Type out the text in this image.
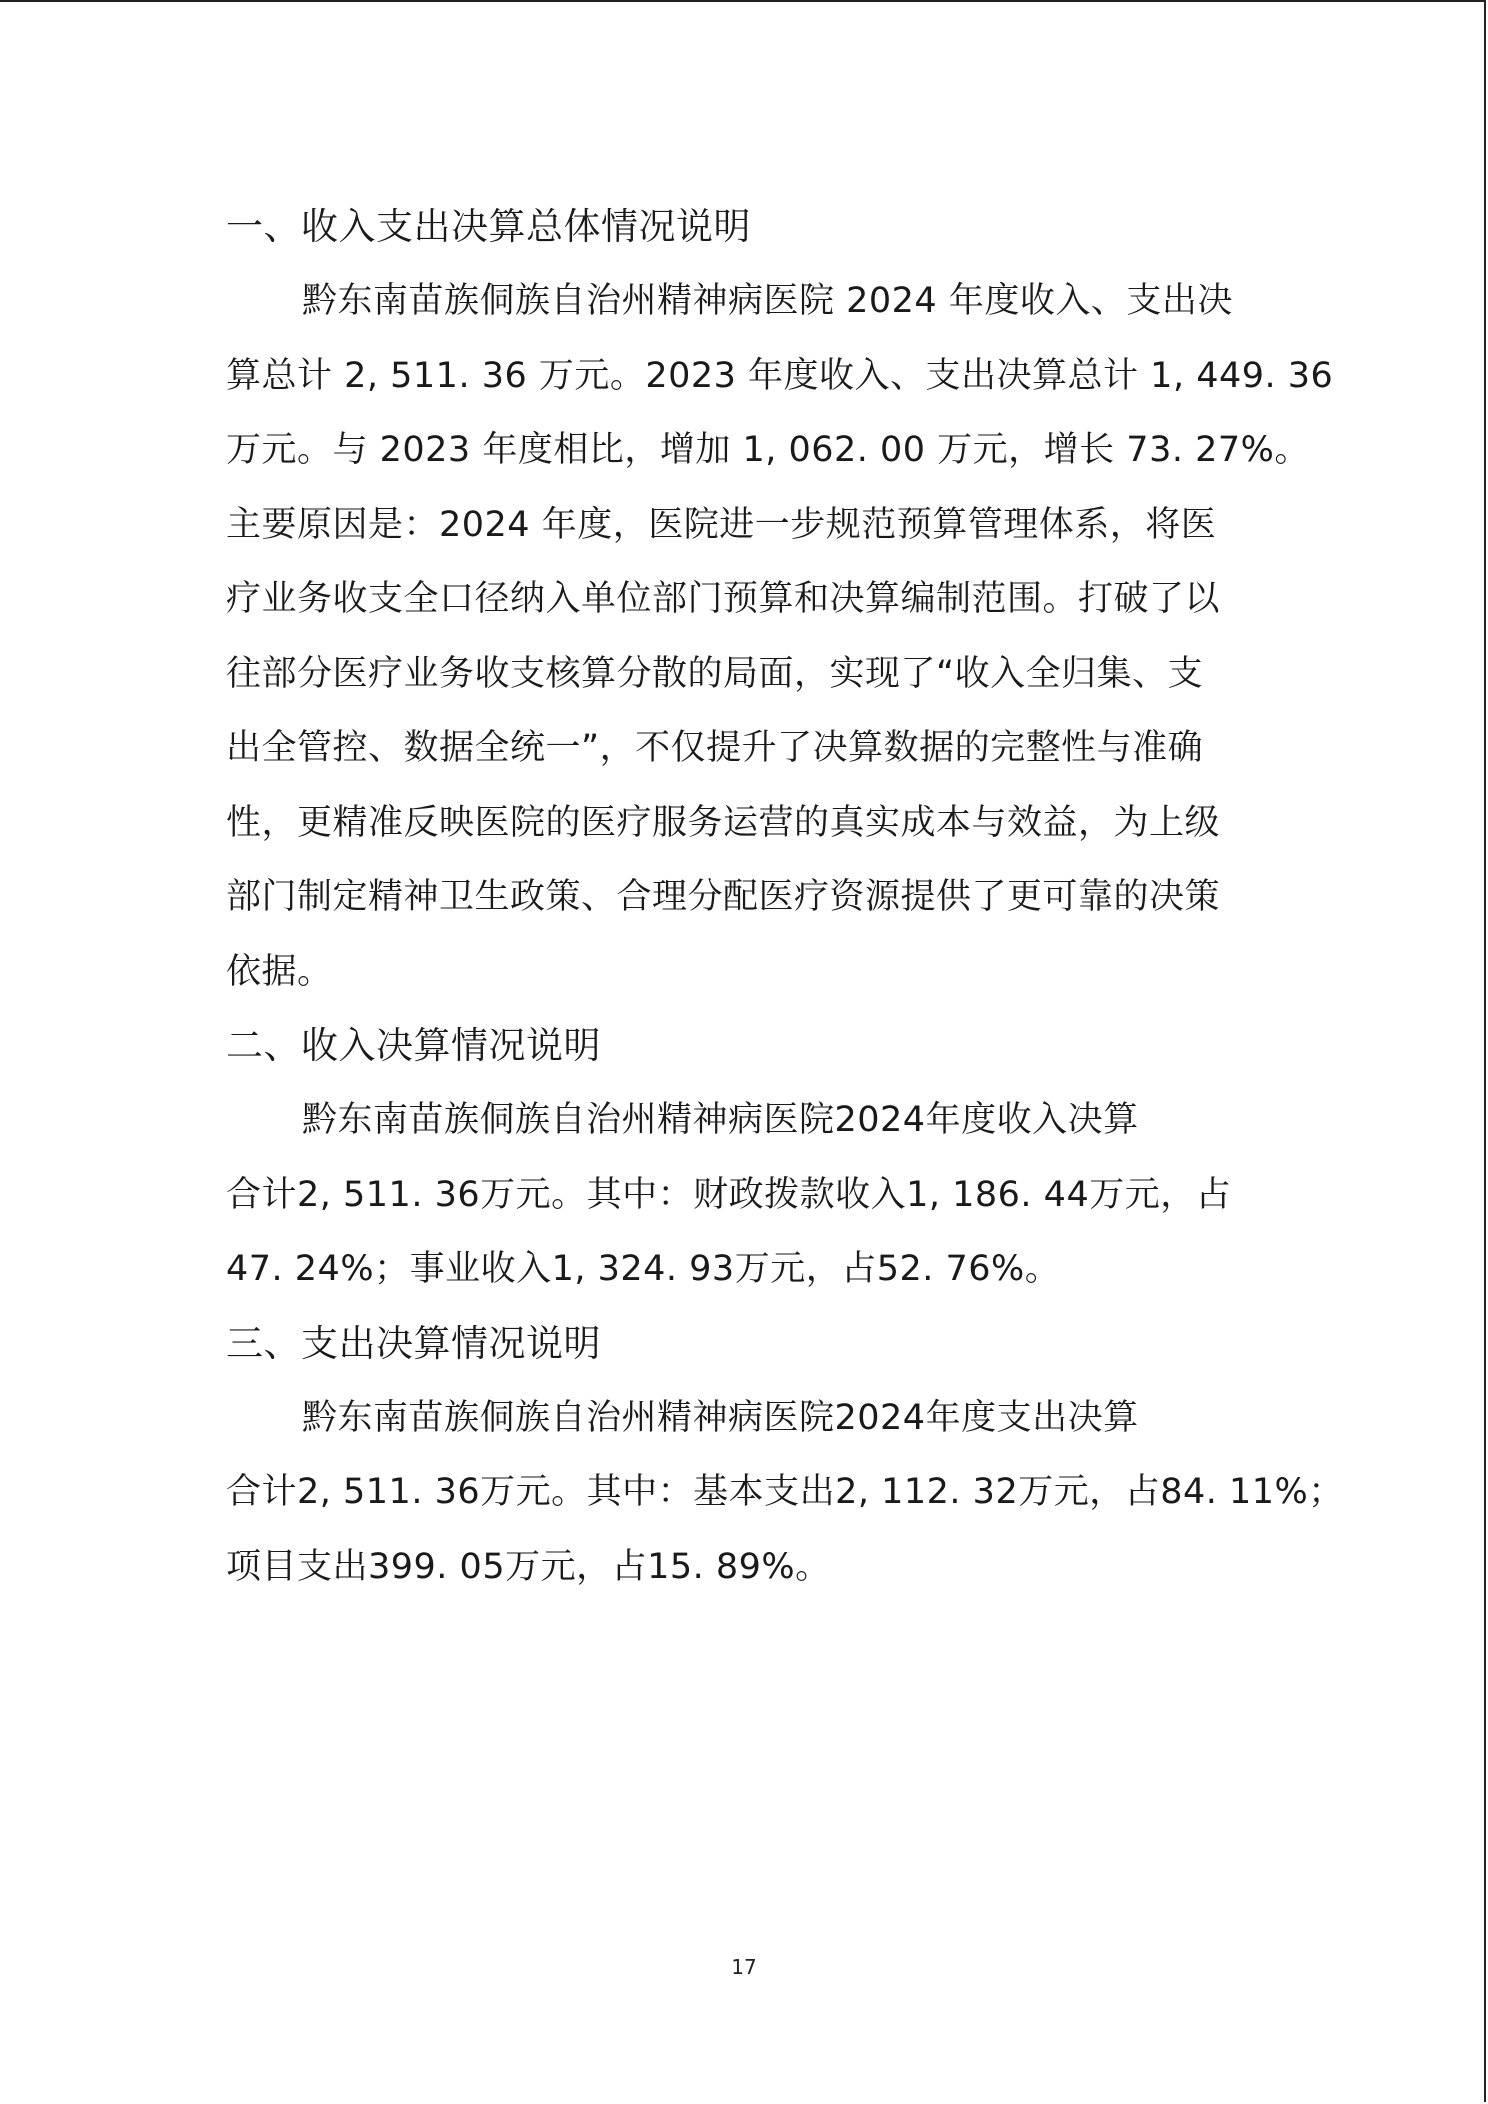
一、收入支出决算总体情况说明

黔东南苗族侗族自治州精神病医院 2024 年度收入、支出决
算总计 2, 511. 36 万元。2023 年度收入、支出决算总计 1, 449. 36
万元。与 2023 年度相比，增加 1, 062. 00 万元，增长 73. 27%。
主要原因是：2024 年度，医院进一步规范预算管理体系，将医
疗业务收支全口径纳入单位部门预算和决算编制范围。打破了以
往部分医疗业务收支核算分散的局面，实现了“收入全归集、支
出全管控、数据全统一”，不仅提升了决算数据的完整性与准确
性，更精准反映医院的医疗服务运营的真实成本与效益，为上级
部门制定精神卫生政策、合理分配医疗资源提供了更可靠的决策
依据。

二、收入决算情况说明

黔东南苗族侗族自治州精神病医院2024年度收入决算
合计2, 511. 36万元。其中：财政拨款收入1, 186. 44万元，占
47. 24%；事业收入1, 324. 93万元，占52. 76%。

三、支出决算情况说明

黔东南苗族侗族自治州精神病医院2024年度支出决算
合计2, 511. 36万元。其中：基本支出2, 112. 32万元，占84. 11%；
项目支出399. 05万元，占15. 89%。

17
